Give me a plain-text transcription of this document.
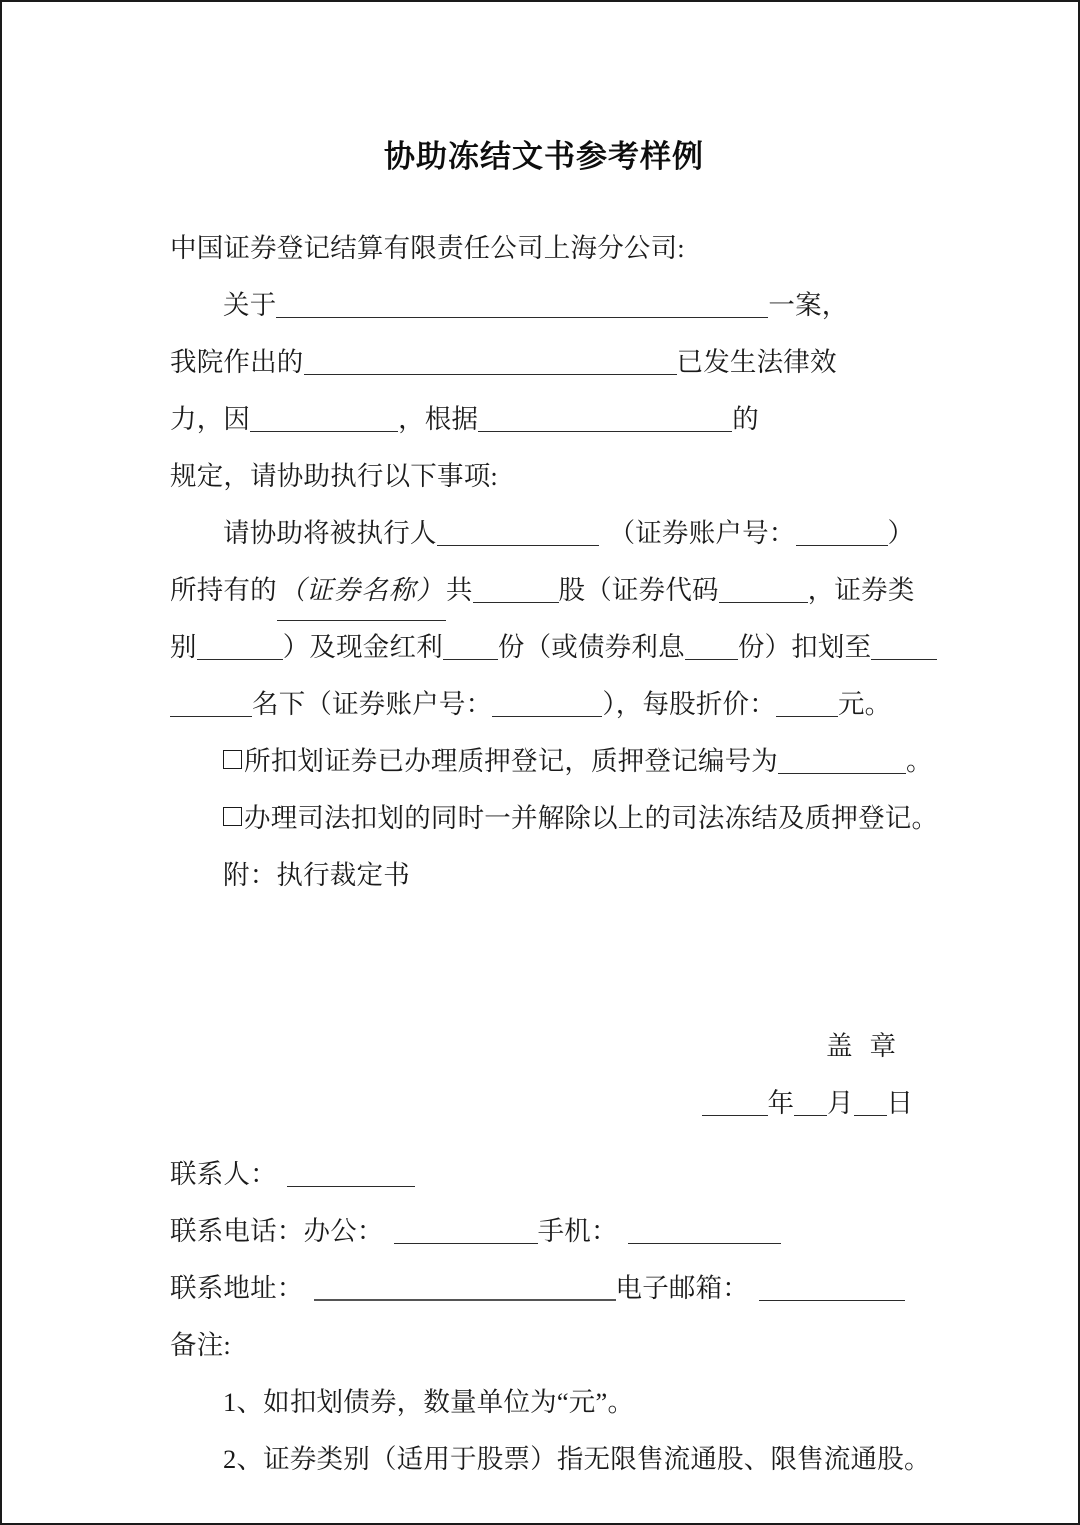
协助冻结文书参考样例
中国证券登记结算有限责任公司上海分公司:
关于	一案，
我院作出的	已发生法律效
力，因	，根据	的
规定，请协助执行以下事项:
请协助将被执行人	（证券账户号：	）
所持有的（证券名称）共	股（证券代码	，证券类
别	）及现金红利 份（或债券利息 份）扣划至
名下（证券账户号：	），每股折价： 元。
所扣划证券已办理质押登记，质押登记编号为	。
办理司法扣划的同时一并解除以上的司法冻结及质押登记。
附：执行裁定书

盖章
年 月 日
联系人：
联系电话：办公：	手机：
联系地址：	电子邮箱：
备注:
1、如扣划债券，数量单位为“元”。
2、证券类别（适用于股票）指无限售流通股、限售流通股。
